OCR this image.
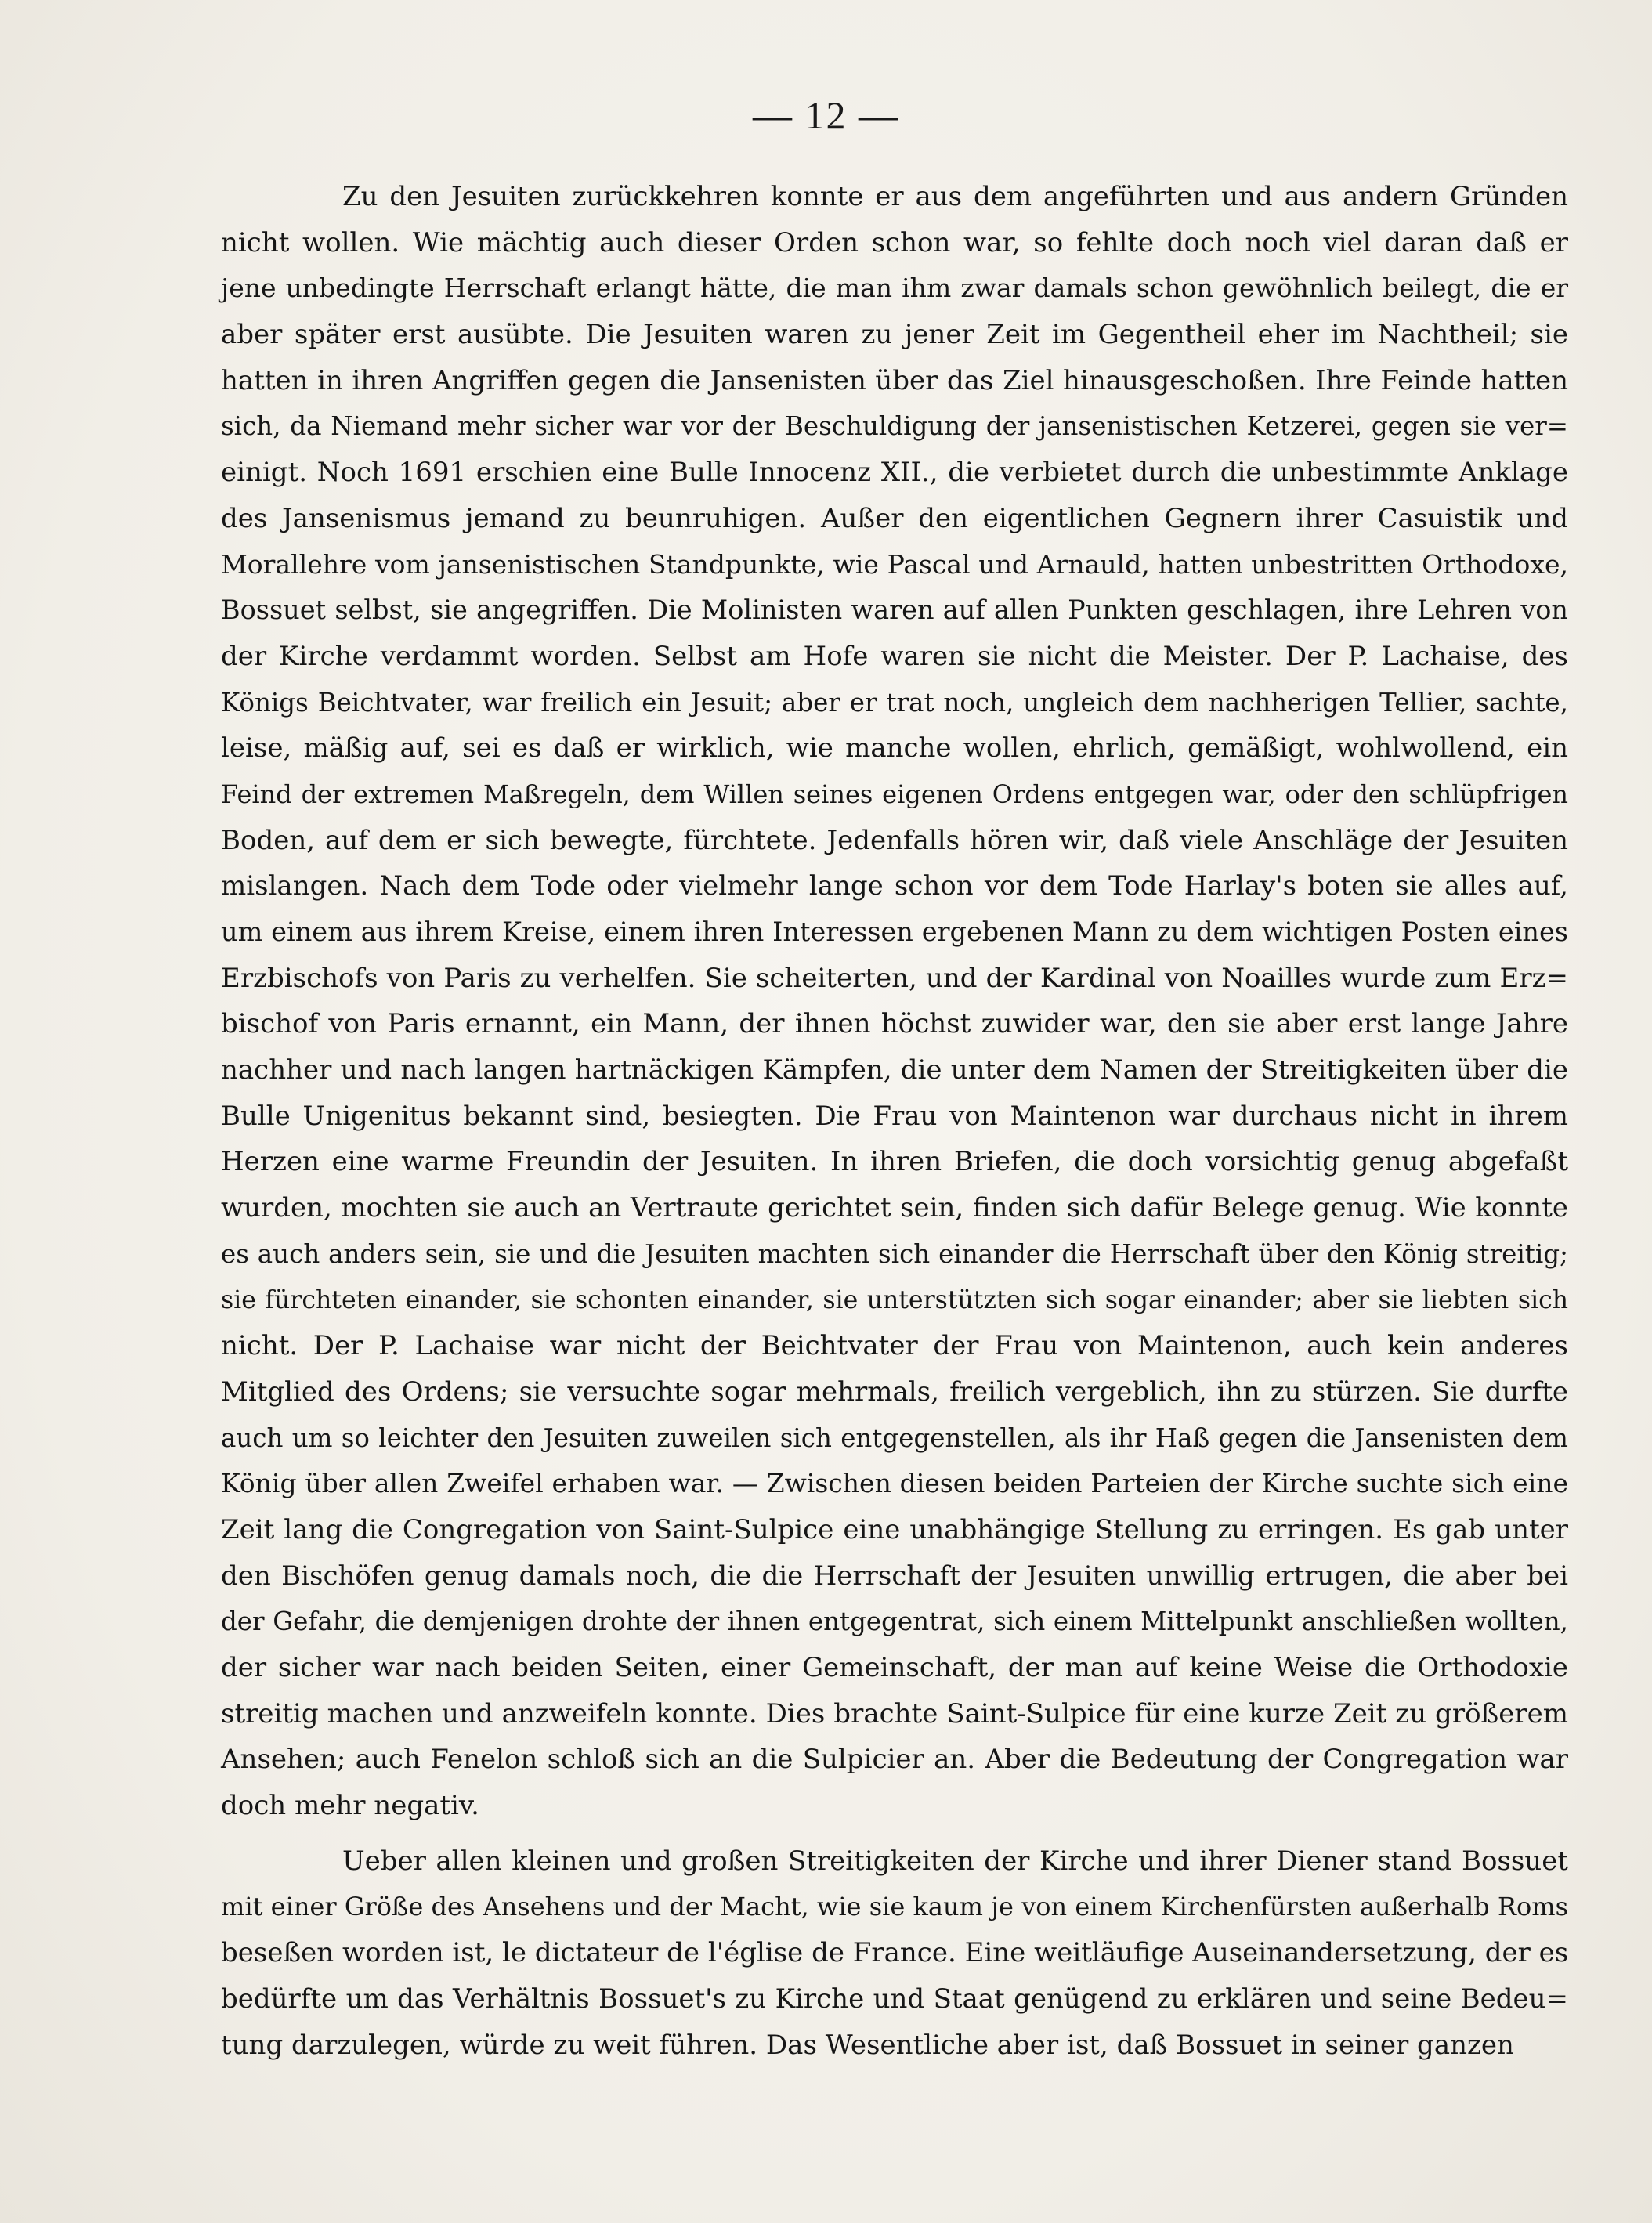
— 12 —
Zu den Jesuiten zurückkehren konnte er aus dem angeführten und aus andern Gründen
nicht wollen. Wie mächtig auch dieser Orden schon war, so fehlte doch noch viel daran daß er
jene unbedingte Herrschaft erlangt hätte, die man ihm zwar damals schon gewöhnlich beilegt, die er
aber später erst ausübte. Die Jesuiten waren zu jener Zeit im Gegentheil eher im Nachtheil; sie
hatten in ihren Angriffen gegen die Jansenisten über das Ziel hinausgeschoßen. Ihre Feinde hatten
sich, da Niemand mehr sicher war vor der Beschuldigung der jansenistischen Ketzerei, gegen sie ver=
einigt. Noch 1691 erschien eine Bulle Innocenz XII., die verbietet durch die unbestimmte Anklage
des Jansenismus jemand zu beunruhigen. Außer den eigentlichen Gegnern ihrer Casuistik und
Morallehre vom jansenistischen Standpunkte, wie Pascal und Arnauld, hatten unbestritten Orthodoxe,
Bossuet selbst, sie angegriffen. Die Molinisten waren auf allen Punkten geschlagen, ihre Lehren von
der Kirche verdammt worden. Selbst am Hofe waren sie nicht die Meister. Der P. Lachaise, des
Königs Beichtvater, war freilich ein Jesuit; aber er trat noch, ungleich dem nachherigen Tellier, sachte,
leise, mäßig auf, sei es daß er wirklich, wie manche wollen, ehrlich, gemäßigt, wohlwollend, ein
Feind der extremen Maßregeln, dem Willen seines eigenen Ordens entgegen war, oder den schlüpfrigen
Boden, auf dem er sich bewegte, fürchtete. Jedenfalls hören wir, daß viele Anschläge der Jesuiten
mislangen. Nach dem Tode oder vielmehr lange schon vor dem Tode Harlay's boten sie alles auf,
um einem aus ihrem Kreise, einem ihren Interessen ergebenen Mann zu dem wichtigen Posten eines
Erzbischofs von Paris zu verhelfen. Sie scheiterten, und der Kardinal von Noailles wurde zum Erz=
bischof von Paris ernannt, ein Mann, der ihnen höchst zuwider war, den sie aber erst lange Jahre
nachher und nach langen hartnäckigen Kämpfen, die unter dem Namen der Streitigkeiten über die
Bulle Unigenitus bekannt sind, besiegten. Die Frau von Maintenon war durchaus nicht in ihrem
Herzen eine warme Freundin der Jesuiten. In ihren Briefen, die doch vorsichtig genug abgefaßt
wurden, mochten sie auch an Vertraute gerichtet sein, finden sich dafür Belege genug. Wie konnte
es auch anders sein, sie und die Jesuiten machten sich einander die Herrschaft über den König streitig;
sie fürchteten einander, sie schonten einander, sie unterstützten sich sogar einander; aber sie liebten sich
nicht. Der P. Lachaise war nicht der Beichtvater der Frau von Maintenon, auch kein anderes
Mitglied des Ordens; sie versuchte sogar mehrmals, freilich vergeblich, ihn zu stürzen. Sie durfte
auch um so leichter den Jesuiten zuweilen sich entgegenstellen, als ihr Haß gegen die Jansenisten dem
König über allen Zweifel erhaben war. — Zwischen diesen beiden Parteien der Kirche suchte sich eine
Zeit lang die Congregation von Saint-Sulpice eine unabhängige Stellung zu erringen. Es gab unter
den Bischöfen genug damals noch, die die Herrschaft der Jesuiten unwillig ertrugen, die aber bei
der Gefahr, die demjenigen drohte der ihnen entgegentrat, sich einem Mittelpunkt anschließen wollten,
der sicher war nach beiden Seiten, einer Gemeinschaft, der man auf keine Weise die Orthodoxie
streitig machen und anzweifeln konnte. Dies brachte Saint-Sulpice für eine kurze Zeit zu größerem
Ansehen; auch Fenelon schloß sich an die Sulpicier an. Aber die Bedeutung der Congregation war
doch mehr negativ.
Ueber allen kleinen und großen Streitigkeiten der Kirche und ihrer Diener stand Bossuet
mit einer Größe des Ansehens und der Macht, wie sie kaum je von einem Kirchenfürsten außerhalb Roms
beseßen worden ist, le dictateur de l'église de France. Eine weitläufige Auseinandersetzung, der es
bedürfte um das Verhältnis Bossuet's zu Kirche und Staat genügend zu erklären und seine Bedeu=
tung darzulegen, würde zu weit führen. Das Wesentliche aber ist, daß Bossuet in seiner ganzen
